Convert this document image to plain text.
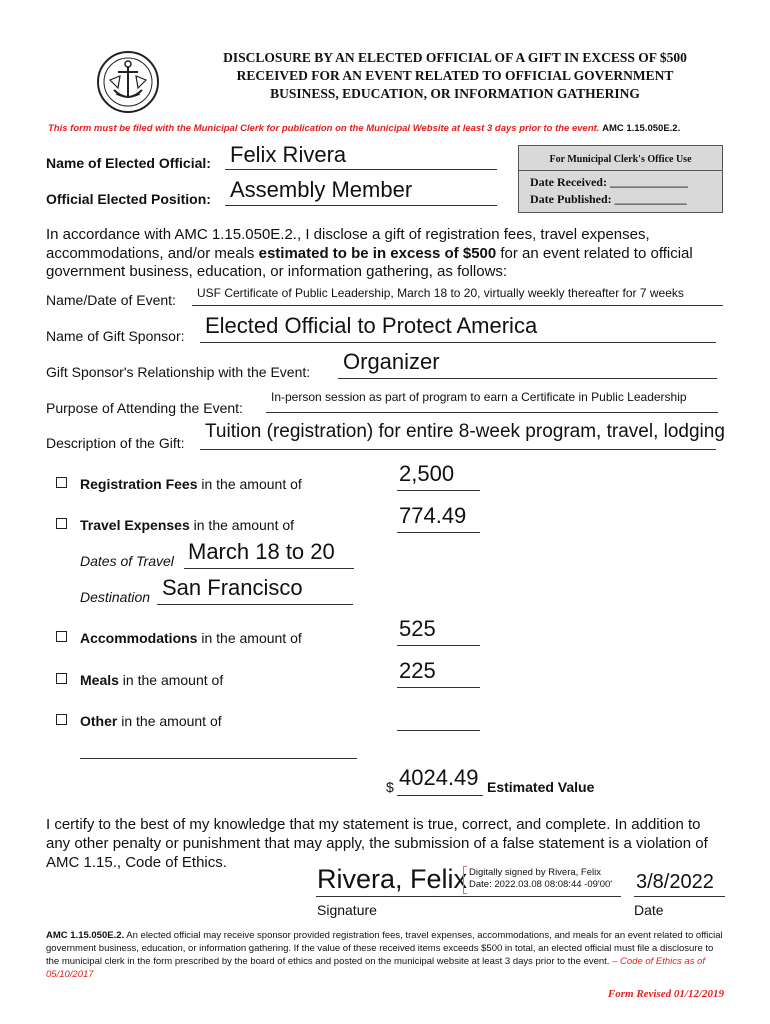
DISCLOSURE BY AN ELECTED OFFICIAL OF A GIFT IN EXCESS OF $500
RECEIVED FOR AN EVENT RELATED TO OFFICIAL GOVERNMENT
BUSINESS, EDUCATION, OR INFORMATION GATHERING
This form must be filed with the Municipal Clerk for publication on the Municipal Website at least 3 days prior to the event. AMC 1.15.050E.2.
Name of Elected Official: Felix Rivera
Official Elected Position: Assembly Member
For Municipal Clerk's Office Use
Date Received: _____________
Date Published: ____________
In accordance with AMC 1.15.050E.2., I disclose a gift of registration fees, travel expenses, accommodations, and/or meals estimated to be in excess of $500 for an event related to official government business, education, or information gathering, as follows:
Name/Date of Event: USF Certificate of Public Leadership, March 18 to 20, virtually weekly thereafter for 7 weeks
Name of Gift Sponsor: Elected Official to Protect America
Gift Sponsor's Relationship with the Event: Organizer
Purpose of Attending the Event:
In-person session as part of program to earn a Certificate in Public Leadership
Description of the Gift:
Tuition (registration) for entire 8-week program, travel, lodging
Registration Fees in the amount of	2,500
Travel Expenses in the amount of	774.49
Dates of Travel March 18 to 20
Destination San Francisco
Accommodations in the amount of	525
Meals in the amount of	225
Other in the amount of
$ 4024.49 Estimated Value
I certify to the best of my knowledge that my statement is true, correct, and complete. In addition to any other penalty or punishment that may apply, the submission of a false statement is a violation of AMC 1.15., Code of Ethics.
Rivera, Felix Digitally signed by Rivera, Felix
Date: 2022.03.08 08:08:44 -09'00' 3/8/2022
Signature	Date
AMC 1.15.050E.2. An elected official may receive sponsor provided registration fees, travel expenses, accommodations, and meals for an event related to official government business, education, or information gathering. If the value of these received items exceeds $500 in total, an elected official must file a disclosure to the municipal clerk in the form prescribed by the board of ethics and posted on the municipal website at least 3 days prior to the event. – Code of Ethics as of 05/10/2017
Form Revised 01/12/2019
